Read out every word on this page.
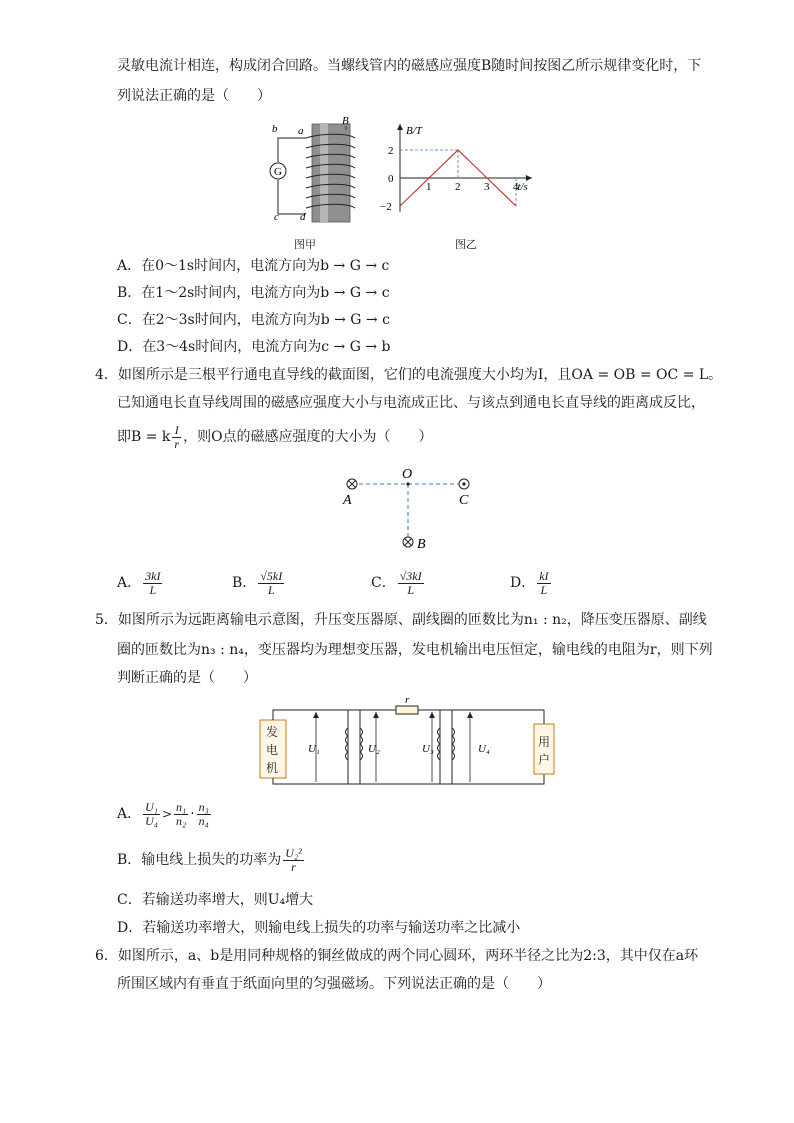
灵敏电流计相连，构成闭合回路。当螺线管内的磁感应强度B随时间按图乙所示规律变化时，下
列说法正确的是（　　）
G
b a
B
c d
图甲
B/T
t/s
2
0
−2
1 2 3 4
图乙
A．在0～1s时间内，电流方向为b → G → c
B．在1～2s时间内，电流方向为b → G → c
C．在2～3s时间内，电流方向为b → G → c
D．在3～4s时间内，电流方向为c → G → b
4．如图所示是三根平行通电直导线的截面图，它们的电流强度大小均为I，且OA = OB = OC = L。
已知通电长直导线周围的磁感应强度大小与电流成正比、与该点到通电长直导线的距离成反比，
即B = k $\frac{I}{r}$ ，则O点的磁感应强度的大小为（　　）
O
A	C
B
A． $\frac{3kI}{L}$	B． $\frac{√5kI}{L}$	C． $\frac{√3kI}{L}$	D． $\frac{kI}{L}$
5．如图所示为远距离输电示意图，升压变压器原、副线圈的匝数比为n₁ : n₂，降压变压器原、副线
圈的匝数比为n₃ : n₄，变压器均为理想变压器，发电机输出电压恒定，输电线的电阻为r，则下列
判断正确的是（　　）
r
U₁	U₂	U₃	U₄
发
电
机
用
户
A． $\frac{\text{U₁}}{\text{U₄}} > \frac{\text{n₁}}{\text{n₂}} \cdot \frac{\text{n₃}}{\text{n₄}}$
B．输电线上损失的功率为 $\frac{\text{U₂²}}{r}$
C．若输送功率增大，则U₄增大
D．若输送功率增大，则输电线上损失的功率与输送功率之比减小
6．如图所示，a、b是用同种规格的铜丝做成的两个同心圆环，两环半径之比为2:3，其中仅在a环
所围区域内有垂直于纸面向里的匀强磁场。下列说法正确的是（　　）
